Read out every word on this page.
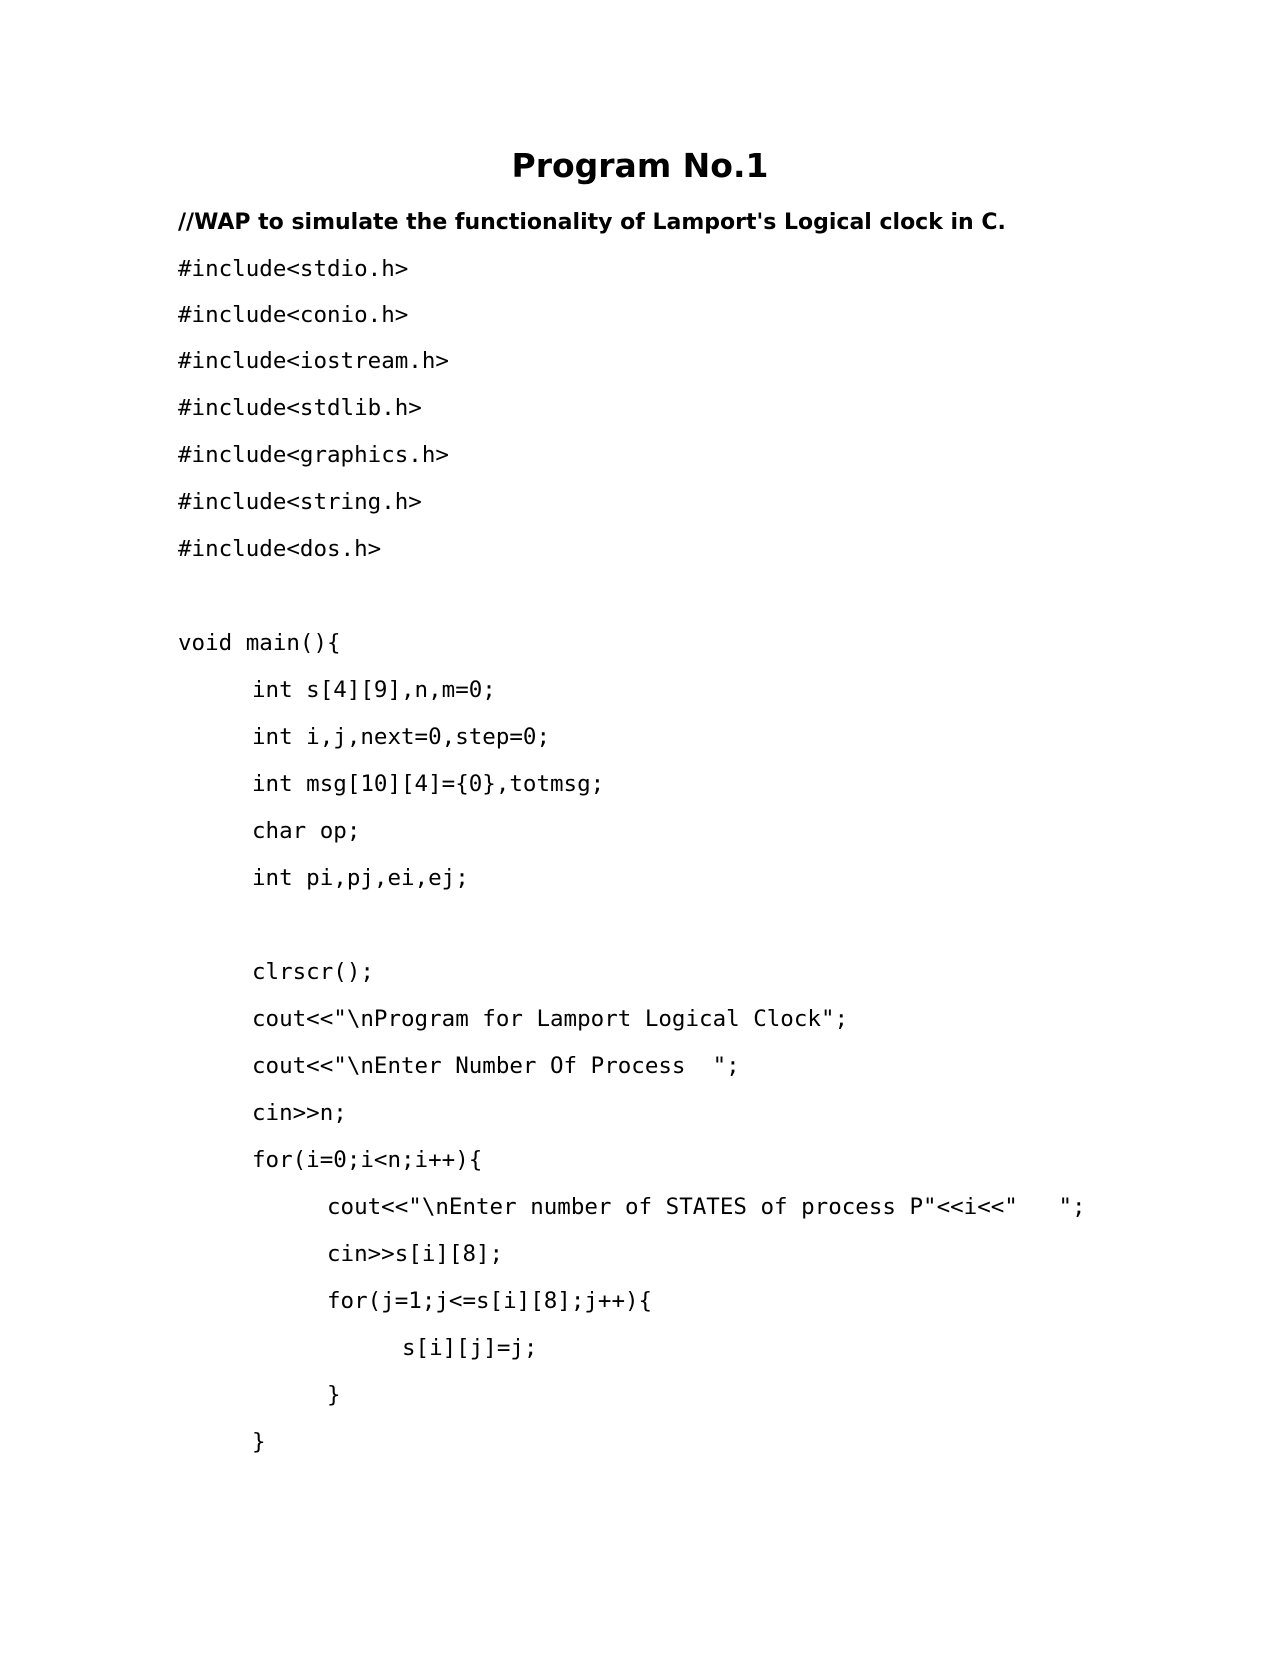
Program No.1

//WAP to simulate the functionality of Lamport's Logical clock in C.

#include<stdio.h>

#include<conio.h>

#include<iostream.h>

#include<stdlib.h>

#include<graphics.h>

#include<string.h>

#include<dos.h>

void main(){

int s[4][9],n,m=0;

int i,j,next=0,step=0;

int msg[10][4]={0},totmsg;

char op;

int pi,pj,ei,ej;

clrscr();

cout<<"\nProgram for Lamport Logical Clock";

cout<<"\nEnter Number Of Process  ";

cin>>n;

for(i=0;i<n;i++){

cout<<"\nEnter number of STATES of process P"<<i<<"   ";

cin>>s[i][8];

for(j=1;j<=s[i][8];j++){

s[i][j]=j;

}

}
